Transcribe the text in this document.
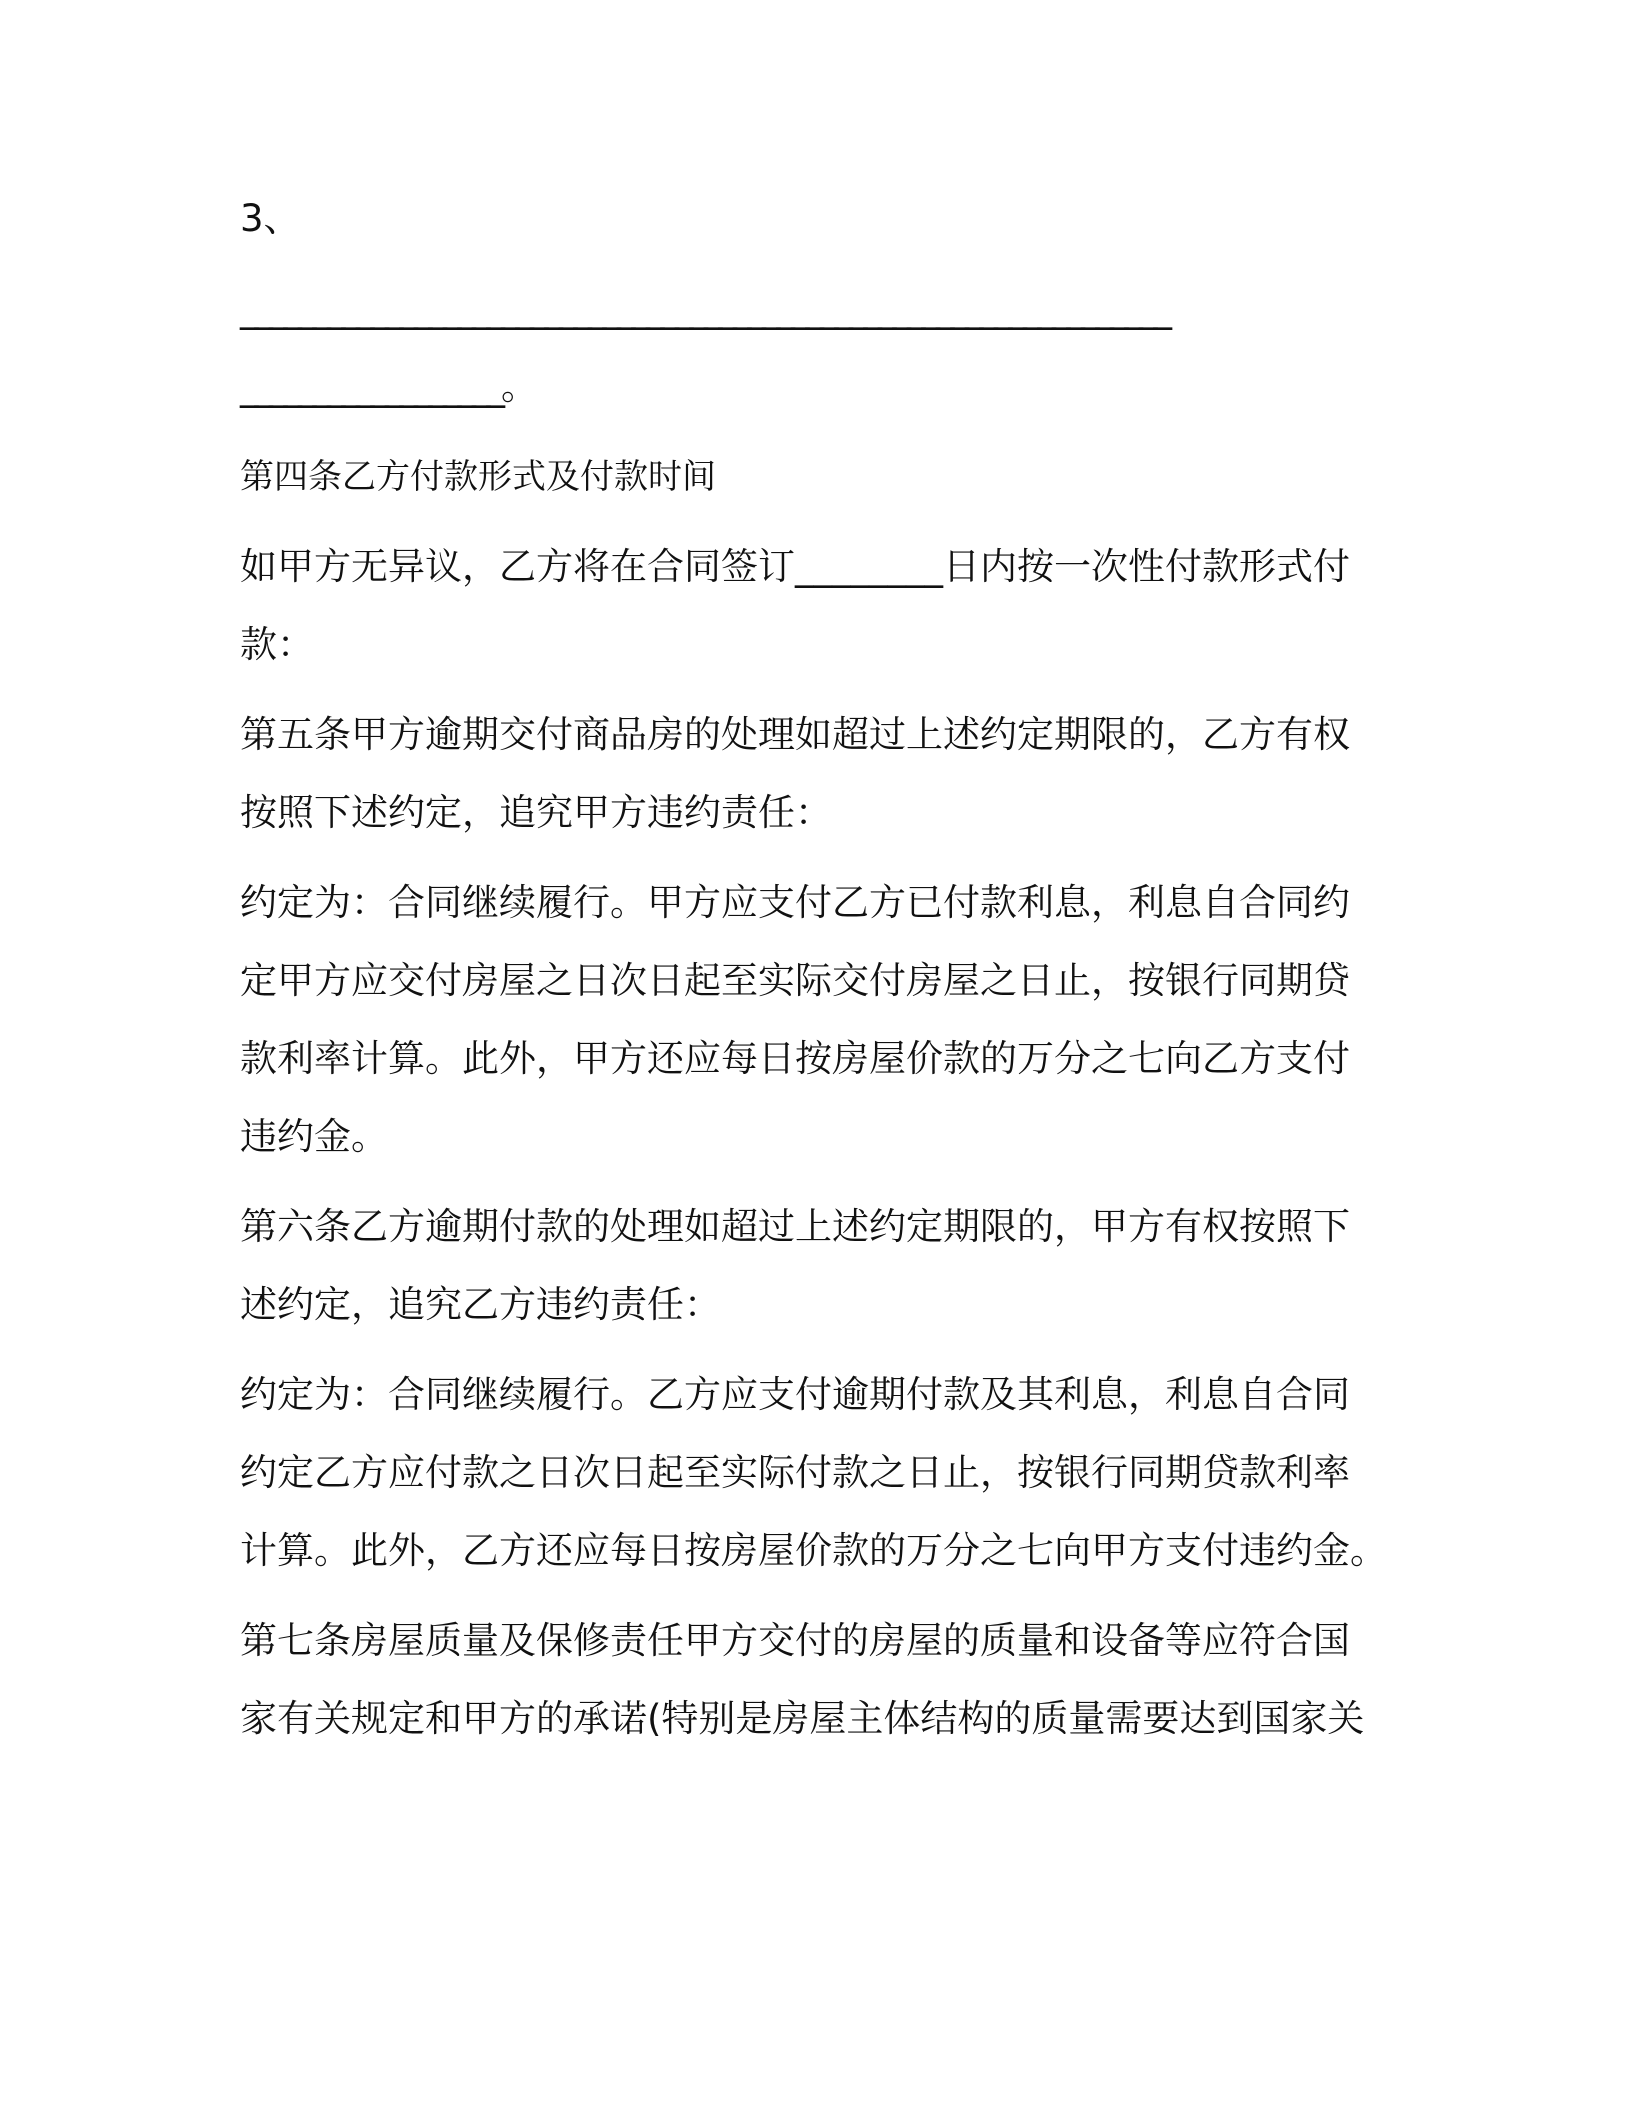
3、

________________________________________________________________

__________________。

第四条乙方付款形式及付款时间

如甲方无异议，乙方将在合同签订________日内按一次性付款形式付

款：

第五条甲方逾期交付商品房的处理如超过上述约定期限的，乙方有权

按照下述约定，追究甲方违约责任：

约定为：合同继续履行。甲方应支付乙方已付款利息，利息自合同约

定甲方应交付房屋之日次日起至实际交付房屋之日止，按银行同期贷

款利率计算。此外，甲方还应每日按房屋价款的万分之七向乙方支付

违约金。

第六条乙方逾期付款的处理如超过上述约定期限的，甲方有权按照下

述约定，追究乙方违约责任：

约定为：合同继续履行。乙方应支付逾期付款及其利息，利息自合同

约定乙方应付款之日次日起至实际付款之日止，按银行同期贷款利率

计算。此外，乙方还应每日按房屋价款的万分之七向甲方支付违约金。

第七条房屋质量及保修责任甲方交付的房屋的质量和设备等应符合国

家有关规定和甲方的承诺(特别是房屋主体结构的质量需要达到国家关
